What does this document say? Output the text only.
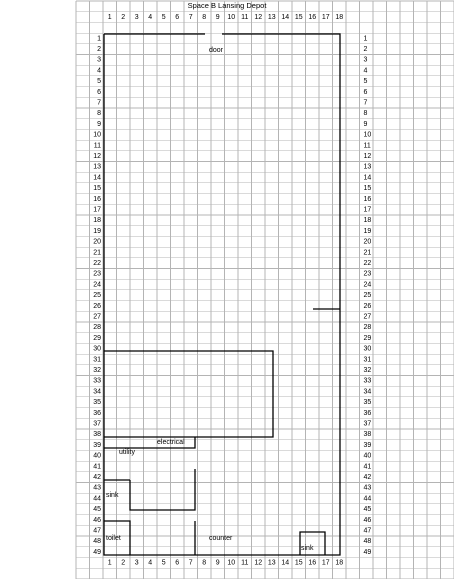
Space B Lansing Depot
1 2 3 4 5 6 7 8 9 10 11 12 13 14 15 16 17 18
1 2 3 4 5 6 7 8 9 10 11 12 13 14 15 16 17 18
1
2
3
4
5
6
7
8
9
10
11
12
13
14
15
16
17
18
19
20
21
22
23
24
25
26
27
28
29
30
31
32
33
34
35
36
37
38
39
40
41
42
43
44
45
46
47
48
49
1
2
3
4
5
6
7
8
9
10
11
12
13
14
15
16
17
18
19
20
21
22
23
24
25
26
27
28
29
30
31
32
33
34
35
36
37
38
39
40
41
42
43
44
45
46
47
48
49
door
electrical
utility
sink
toilet	counter
sink
